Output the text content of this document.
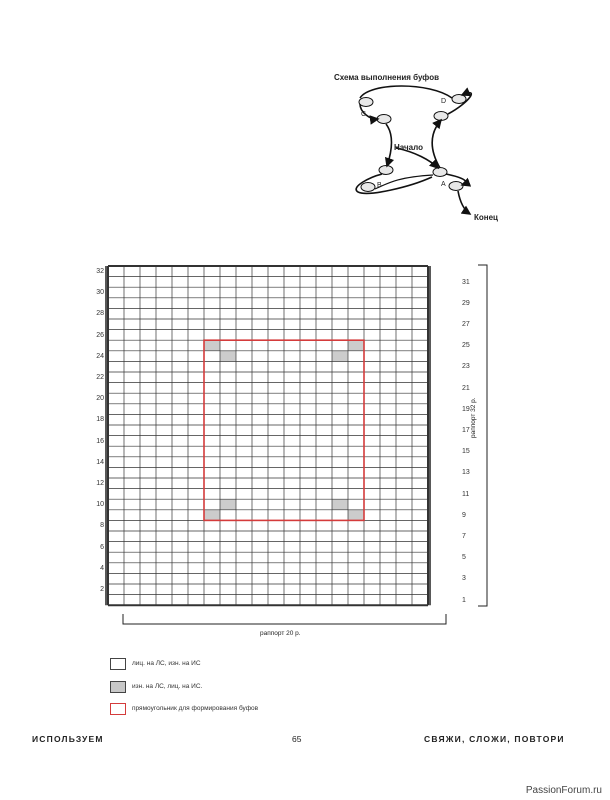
Схема выполнения буфов
C
D
B	A
Начало
Конец
32
30
28
26
24
22
20
18
16
14
12
10
8
6
4
2
31
29
27
25
23
21
19
17
15
13
11
9
7
5
3
1
раппорт 32 р.
раппорт 20 р.
лиц. на ЛС, изн. на ИС
изн. на ЛС, лиц. на ИС.
прямоугольник для формирования буфов
ИСПОЛЬЗУЕМ	65	СВЯЖИ, СЛОЖИ, ПОВТОРИ
PassionForum.ru
